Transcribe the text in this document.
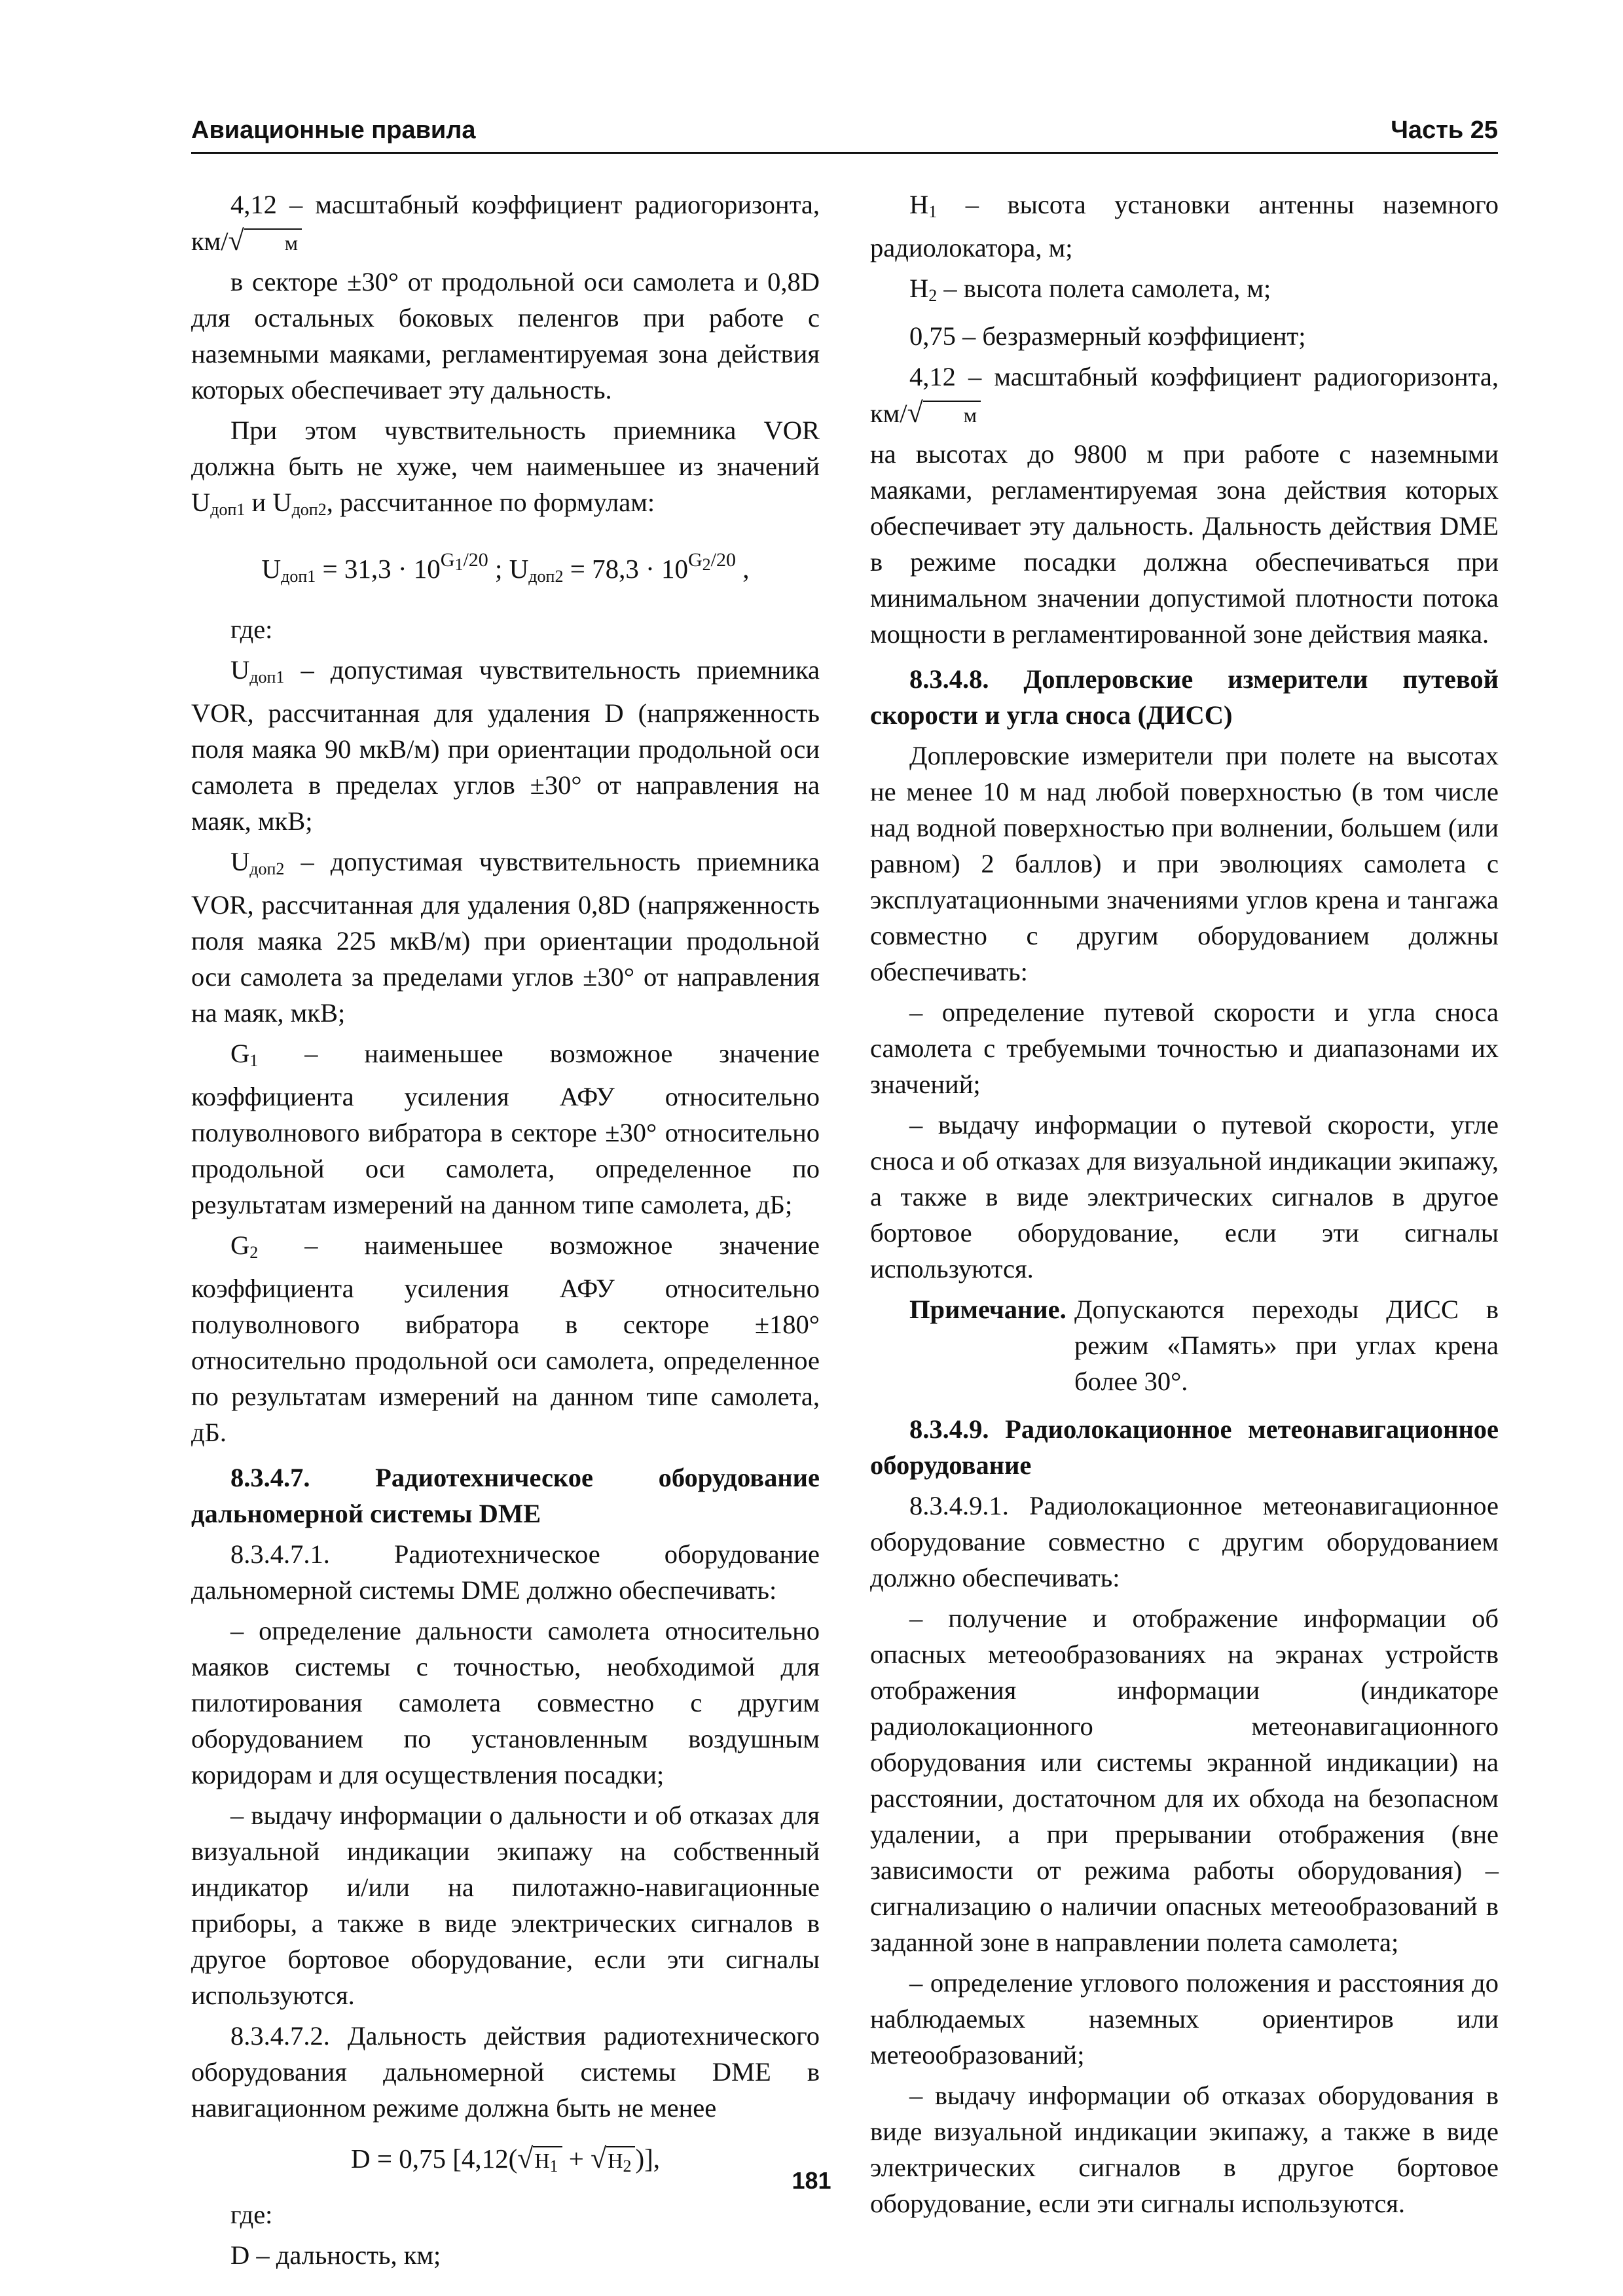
Авиационные правила	Часть 25

4,12 – масштабный коэффициент радиогоризонта, км/√ м

в секторе ±30° от продольной оси самолета и 0,8D для остальных боковых пеленгов при работе с наземными маяками, регламентируемая зона действия которых обеспечивает эту дальность.

При этом чувствительность приемника VOR должна быть не хуже, чем наименьшее из значений $U_{доп1}$ и $U_{доп2}$, рассчитанное по формулам:

$U_{доп1} = 31,3 \cdot 10^{G1/20}$ ; $U_{доп2} = 78,3 \cdot 10^{G2/20}$ ,

где:

$U_{доп1}$ – допустимая чувствительность приемника VOR, рассчитанная для удаления D (напряженность поля маяка 90 мкВ/м) при ориентации продольной оси самолета в пределах углов ±30° от направления на маяк, мкВ;

$U_{доп2}$ – допустимая чувствительность приемника VOR, рассчитанная для удаления 0,8D (напряженность поля маяка 225 мкВ/м) при ориентации продольной оси самолета за пределами углов ±30° от направления на маяк, мкВ;

$G_1$ – наименьшее возможное значение коэффициента усиления АФУ относительно полуволнового вибратора в секторе ±30° относительно продольной оси самолета, определенное по результатам измерений на данном типе самолета, дБ;

$G_2$ – наименьшее возможное значение коэффициента усиления АФУ относительно полуволнового вибратора в секторе ±180° относительно продольной оси самолета, определенное по результатам измерений на данном типе самолета, дБ.

8.3.4.7. Радиотехническое оборудование дальномерной системы DME

8.3.4.7.1. Радиотехническое оборудование дальномерной системы DME должно обеспечивать:

– определение дальности самолета относительно маяков системы с точностью, необходимой для пилотирования самолета совместно с другим оборудованием по установленным воздушным коридорам и для осуществления посадки;

– выдачу информации о дальности и об отказах для визуальной индикации экипажу на собственный индикатор и/или на пилотажно-навигационные приборы, а также в виде электрических сигналов в другое бортовое оборудование, если эти сигналы используются.

8.3.4.7.2. Дальность действия радиотехнического оборудования дальномерной системы DME в навигационном режиме должна быть не менее

D = 0,75 [$4,12(√H_1 + √H_2$ )],

где:

D – дальность, км;

$H_1$ – высота установки антенны наземного радиолокатора, м;

$H_2$ – высота полета самолета, м;

0,75 – безразмерный коэффициент;

4,12 – масштабный коэффициент радиогоризонта, км/√ м

на высотах до 9800 м при работе с наземными маяками, регламентируемая зона действия которых обеспечивает эту дальность. Дальность действия DME в режиме посадки должна обеспечиваться при минимальном значении допустимой плотности потока мощности в регламентированной зоне действия маяка.

8.3.4.8. Доплеровские измерители путевой скорости и угла сноса (ДИСС)

Доплеровские измерители при полете на высотах не менее 10 м над любой поверхностью (в том числе над водной поверхностью при волнении, большем (или равном) 2 баллов) и при эволюциях самолета с эксплуатационными значениями углов крена и тангажа совместно с другим оборудованием должны обеспечивать:

– определение путевой скорости и угла сноса самолета с требуемыми точностью и диапазонами их значений;

– выдачу информации о путевой скорости, угле сноса и об отказах для визуальной индикации экипажу, а также в виде электрических сигналов в другое бортовое оборудование, если эти сигналы используются.

Примечание. Допускаются переходы ДИСС в режим «Память» при углах крена более 30°.
8.3.4.9. Радиолокационное метеонавигационное оборудование

8.3.4.9.1. Радиолокационное метеонавигационное оборудование совместно с другим оборудованием должно обеспечивать:

– получение и отображение информации об опасных метеообразованиях на экранах устройств отображения информации (индикаторе радиолокационного метеонавигационного оборудования или системы экранной индикации) на расстоянии, достаточном для их обхода на безопасном удалении, а при прерывании отображения (вне зависимости от режима работы оборудования) – сигнализацию о наличии опасных метеообразований в заданной зоне в направлении полета самолета;

– определение углового положения и расстояния до наблюдаемых наземных ориентиров или метеообразований;

– выдачу информации об отказах оборудования в виде визуальной индикации экипажу, а также в виде электрических сигналов в другое бортовое оборудование, если эти сигналы используются.

181
